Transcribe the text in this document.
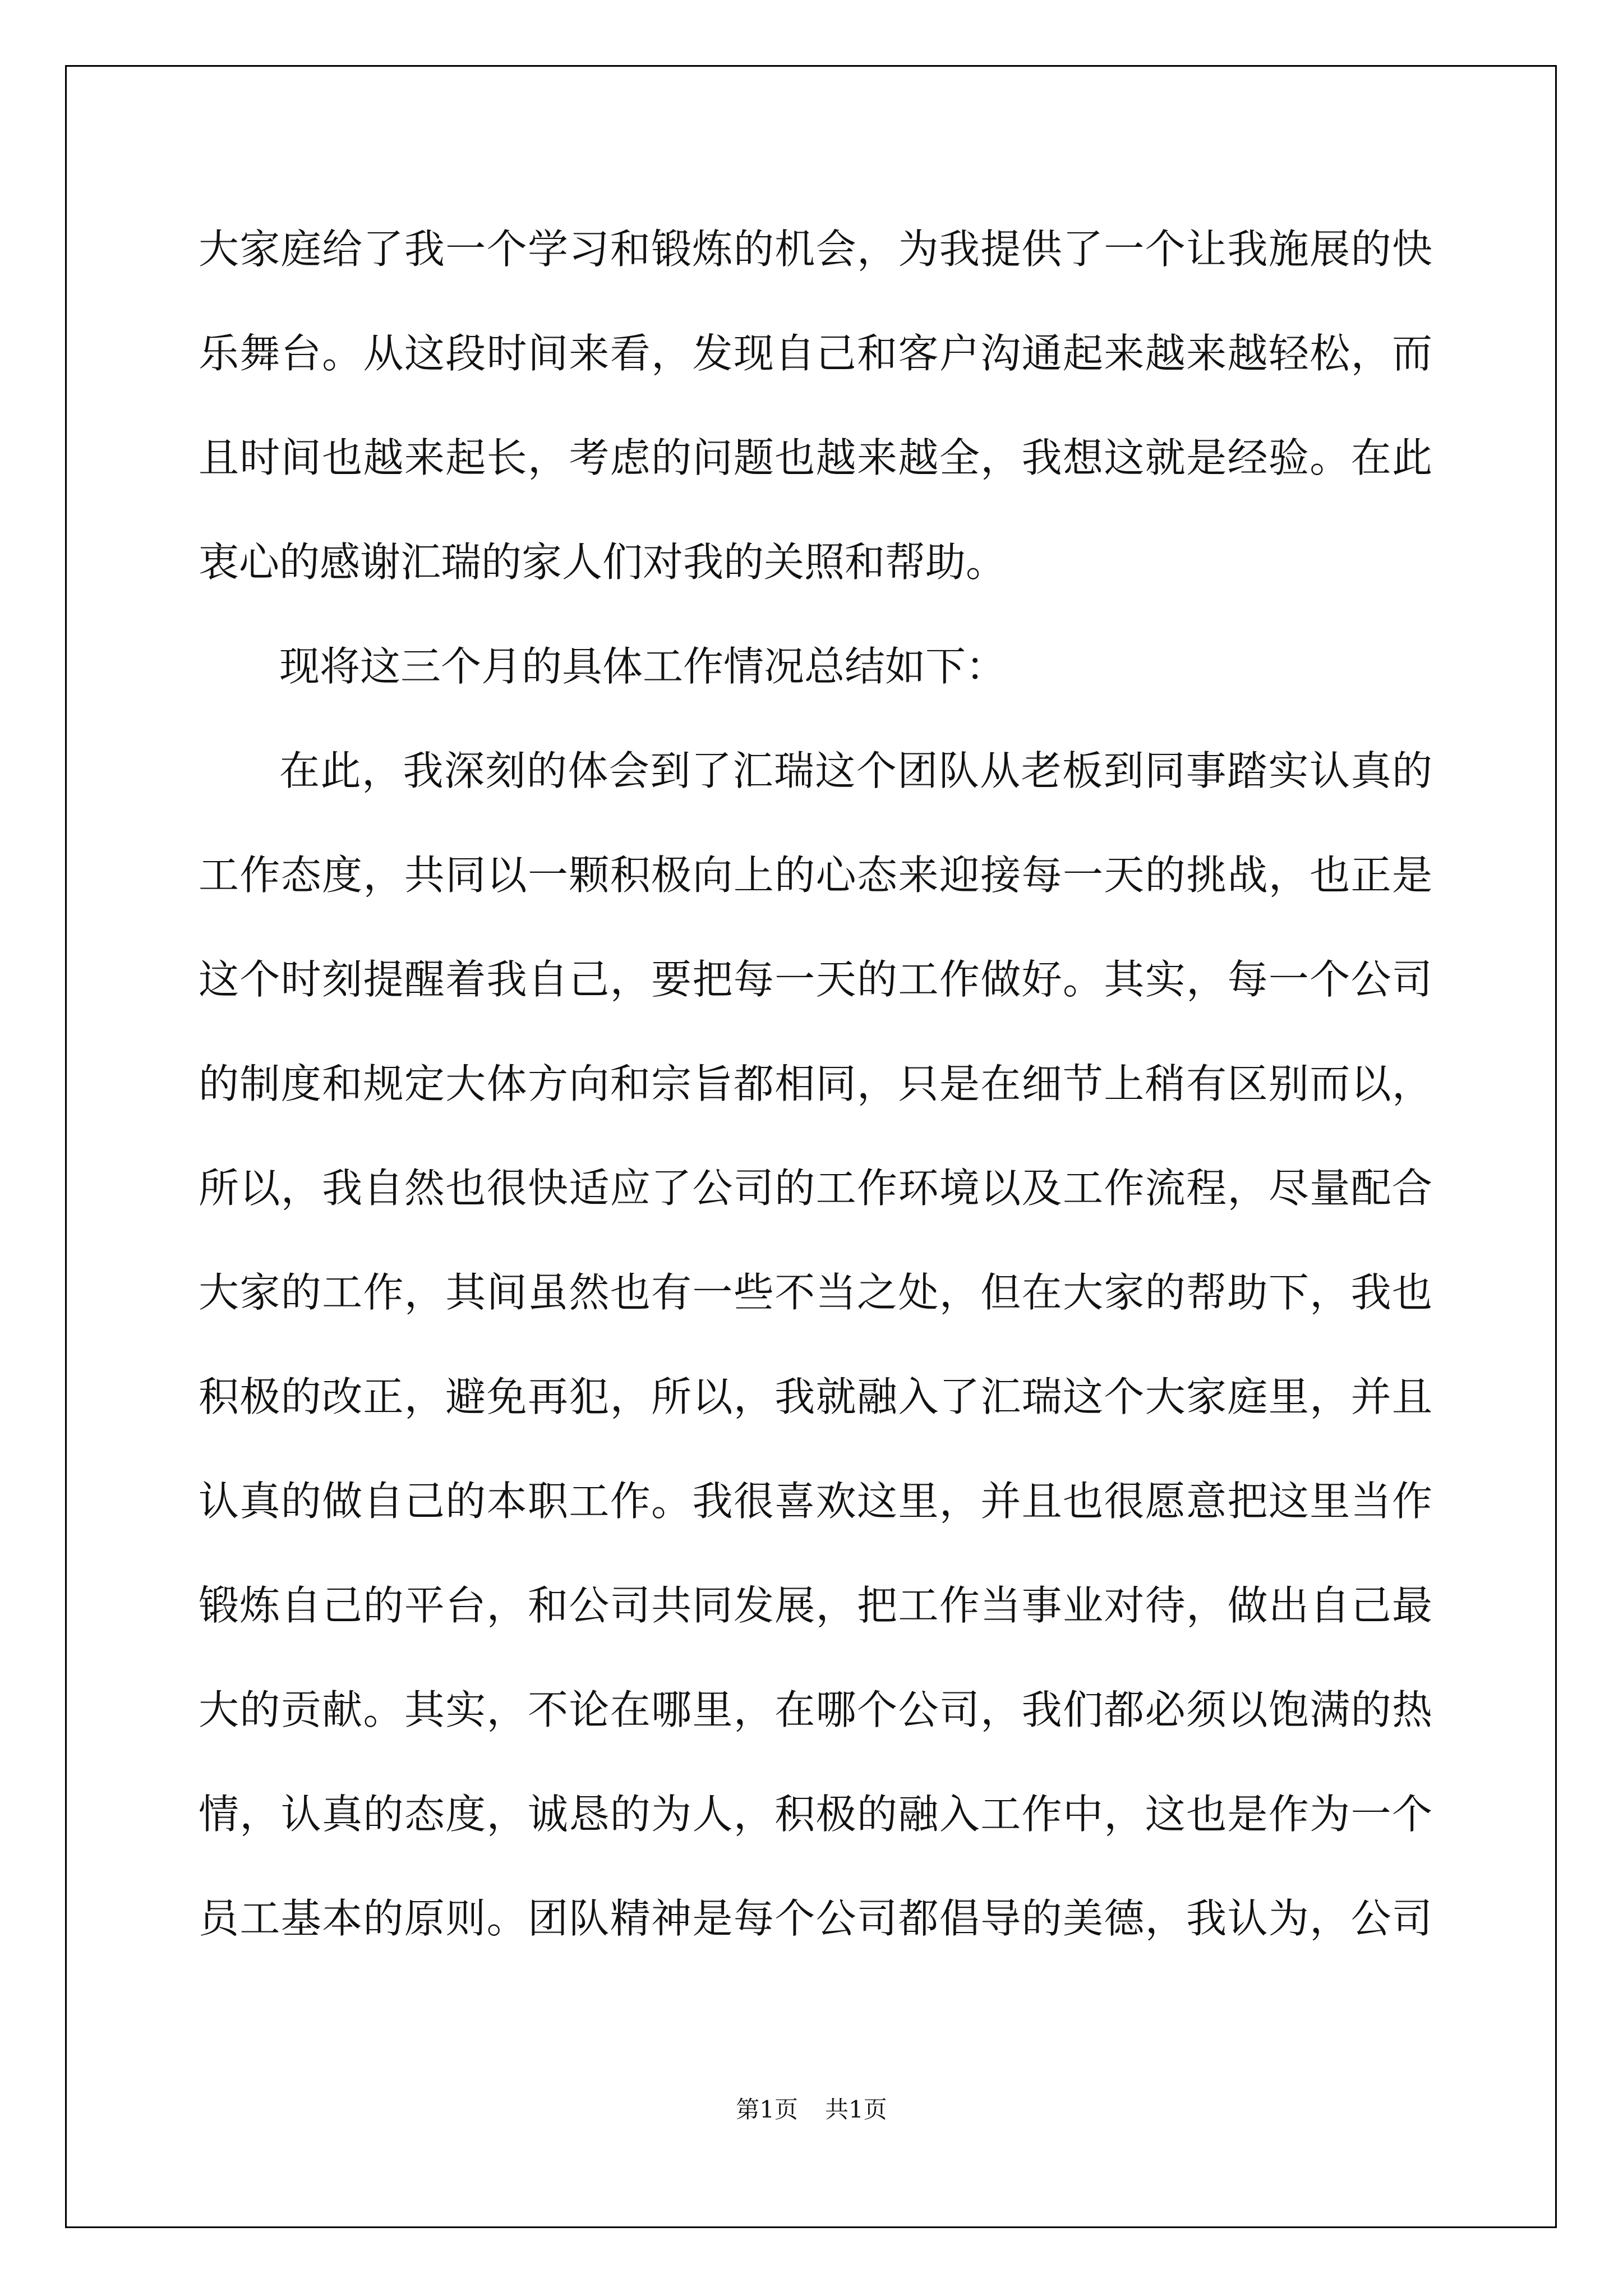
大家庭给了我一个学习和锻炼的机会，为我提供了一个让我施展的快
乐舞台。从这段时间来看，发现自己和客户沟通起来越来越轻松，而
且时间也越来起长，考虑的问题也越来越全，我想这就是经验。在此
衷心的感谢汇瑞的家人们对我的关照和帮助。
现将这三个月的具体工作情况总结如下：
在此，我深刻的体会到了汇瑞这个团队从老板到同事踏实认真的
工作态度，共同以一颗积极向上的心态来迎接每一天的挑战，也正是
这个时刻提醒着我自己，要把每一天的工作做好。其实，每一个公司
的制度和规定大体方向和宗旨都相同，只是在细节上稍有区别而以，
所以，我自然也很快适应了公司的工作环境以及工作流程，尽量配合
大家的工作，其间虽然也有一些不当之处，但在大家的帮助下，我也
积极的改正，避免再犯，所以，我就融入了汇瑞这个大家庭里，并且
认真的做自己的本职工作。我很喜欢这里，并且也很愿意把这里当作
锻炼自己的平台，和公司共同发展，把工作当事业对待，做出自己最
大的贡献。其实，不论在哪里，在哪个公司，我们都必须以饱满的热
情，认真的态度，诚恳的为人，积极的融入工作中，这也是作为一个
员工基本的原则。团队精神是每个公司都倡导的美德，我认为，公司
第1页 共1页
